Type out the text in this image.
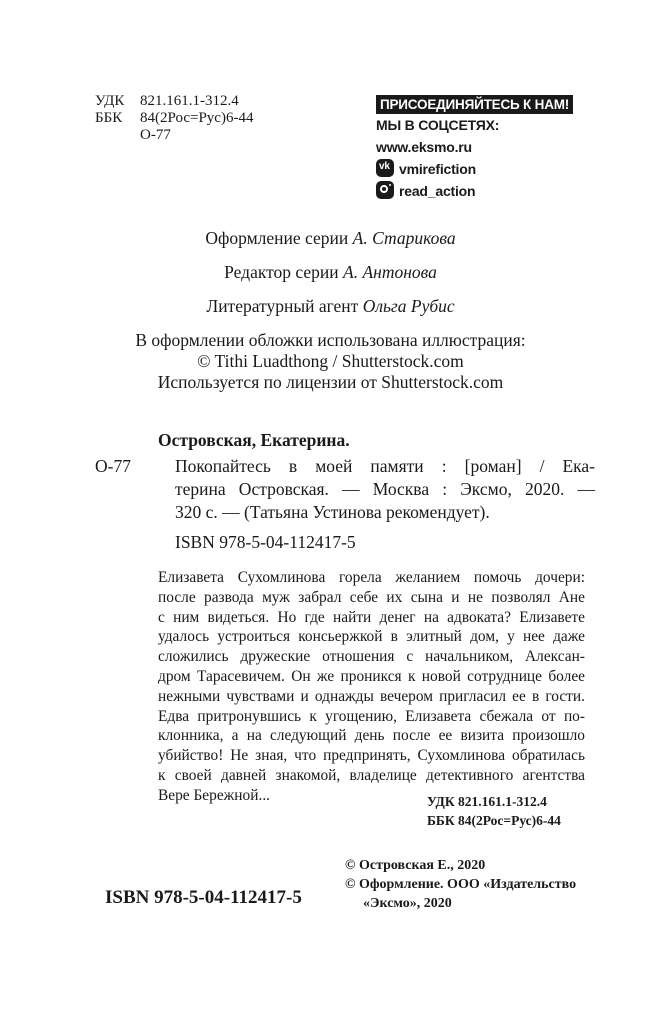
УДК 821.161.1-312.4
ББК 84(2Рос=Рус)6-44
О-77
ПРИСОЕДИНЯЙТЕСЬ К НАМ!
МЫ В СОЦСЕТЯХ:
www.eksmo.ru
vkvmirefiction
read_action
Оформление серии А. Старикова
Редактор серии А. Антонова
Литературный агент Ольга Рубис
В оформлении обложки использована иллюстрация:
© Tithi Luadthong / Shutterstock.com
Используется по лицензии от Shutterstock.com
Островская, Екатерина.
О-77	Покопайтесь в моей памяти : [роман] / Ека-
терина Островская. — Москва : Эксмо, 2020. —
320 с. — (Татьяна Устинова рекомендует).
ISBN 978-5-04-112417-5
Елизавета Сухомлинова горела желанием помочь дочери:
после развода муж забрал себе их сына и не позволял Ане
с ним видеться. Но где найти денег на адвоката? Елизавете
удалось устроиться консьержкой в элитный дом, у нее даже
сложились дружеские отношения с начальником, Алексан-
дром Тарасевичем. Он же проникся к новой сотруднице более
нежными чувствами и однажды вечером пригласил ее в гости.
Едва притронувшись к угощению, Елизавета сбежала от по-
клонника, а на следующий день после ее визита произошло
убийство! Не зная, что предпринять, Сухомлинова обратилась
к своей давней знакомой, владелице детективного агентства
Вере Бережной...	УДК 821.161.1-312.4
ББК 84(2Рос=Рус)6-44
© Островская Е., 2020
© Оформление. ООО «Издательство
«Эксмо», 2020
ISBN 978-5-04-112417-5
